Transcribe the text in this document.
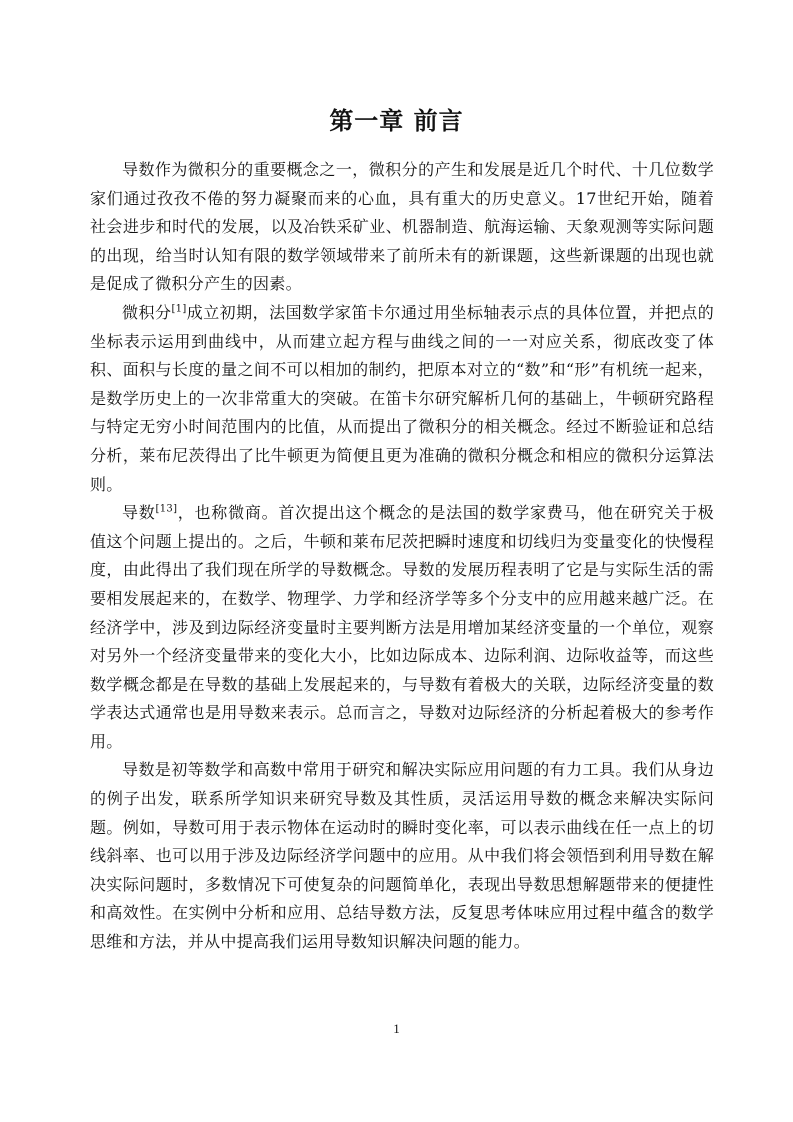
第一章 前言

导数作为微积分的重要概念之一，微积分的产生和发展是近几个时代、十几位数学家们通过孜孜不倦的努力凝聚而来的心血，具有重大的历史意义。17世纪开始，随着社会进步和时代的发展，以及冶铁采矿业、机器制造、航海运输、天象观测等实际问题的出现，给当时认知有限的数学领域带来了前所未有的新课题，这些新课题的出现也就是促成了微积分产生的因素。

微积分[1]成立初期，法国数学家笛卡尔通过用坐标轴表示点的具体位置，并把点的坐标表示运用到曲线中，从而建立起方程与曲线之间的一一对应关系，彻底改变了体积、面积与长度的量之间不可以相加的制约，把原本对立的“数”和“形”有机统一起来，是数学历史上的一次非常重大的突破。在笛卡尔研究解析几何的基础上，牛顿研究路程与特定无穷小时间范围内的比值，从而提出了微积分的相关概念。经过不断验证和总结分析，莱布尼茨得出了比牛顿更为简便且更为准确的微积分概念和相应的微积分运算法则。

导数[13]，也称微商。首次提出这个概念的是法国的数学家费马，他在研究关于极值这个问题上提出的。之后，牛顿和莱布尼茨把瞬时速度和切线归为变量变化的快慢程度，由此得出了我们现在所学的导数概念。导数的发展历程表明了它是与实际生活的需要相发展起来的，在数学、物理学、力学和经济学等多个分支中的应用越来越广泛。在经济学中，涉及到边际经济变量时主要判断方法是用增加某经济变量的一个单位，观察对另外一个经济变量带来的变化大小，比如边际成本、边际利润、边际收益等，而这些数学概念都是在导数的基础上发展起来的，与导数有着极大的关联，边际经济变量的数学表达式通常也是用导数来表示。总而言之，导数对边际经济的分析起着极大的参考作用。

导数是初等数学和高数中常用于研究和解决实际应用问题的有力工具。我们从身边的例子出发，联系所学知识来研究导数及其性质，灵活运用导数的概念来解决实际问题。例如，导数可用于表示物体在运动时的瞬时变化率，可以表示曲线在任一点上的切线斜率、也可以用于涉及边际经济学问题中的应用。从中我们将会领悟到利用导数在解决实际问题时，多数情况下可使复杂的问题简单化，表现出导数思想解题带来的便捷性和高效性。在实例中分析和应用、总结导数方法，反复思考体味应用过程中蕴含的数学思维和方法，并从中提高我们运用导数知识解决问题的能力。

1
